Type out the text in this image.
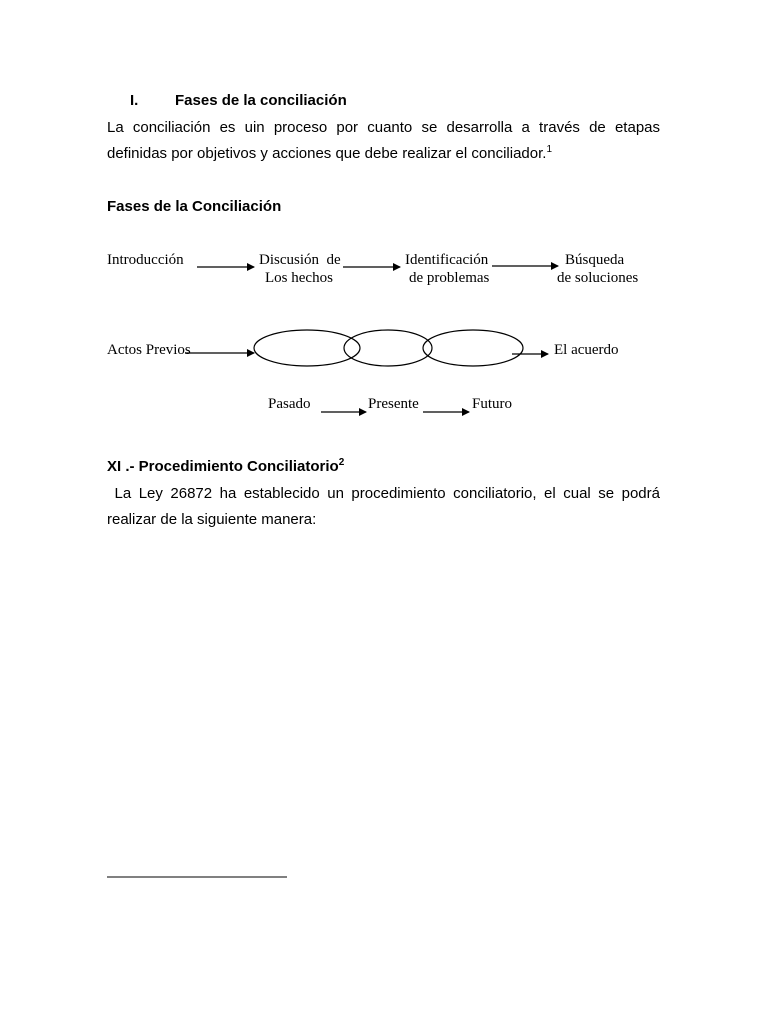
I. Fases de la conciliación
La conciliación es uin proceso por cuanto se desarrolla a través de etapas
definidas por objetivos y acciones que debe realizar el conciliador.$^1$
Fases de la Conciliación
Introducción	Discusión  de
Los hechos
Identificación
de problemas
Búsqueda
de soluciones
Actos Previos	El acuerdo
Pasado	Presente	Futuro
XI .- Procedimiento Conciliatorio$^2$
La Ley 26872 ha establecido un procedimiento conciliatorio, el cual se podrá
realizar de la siguiente manera:
